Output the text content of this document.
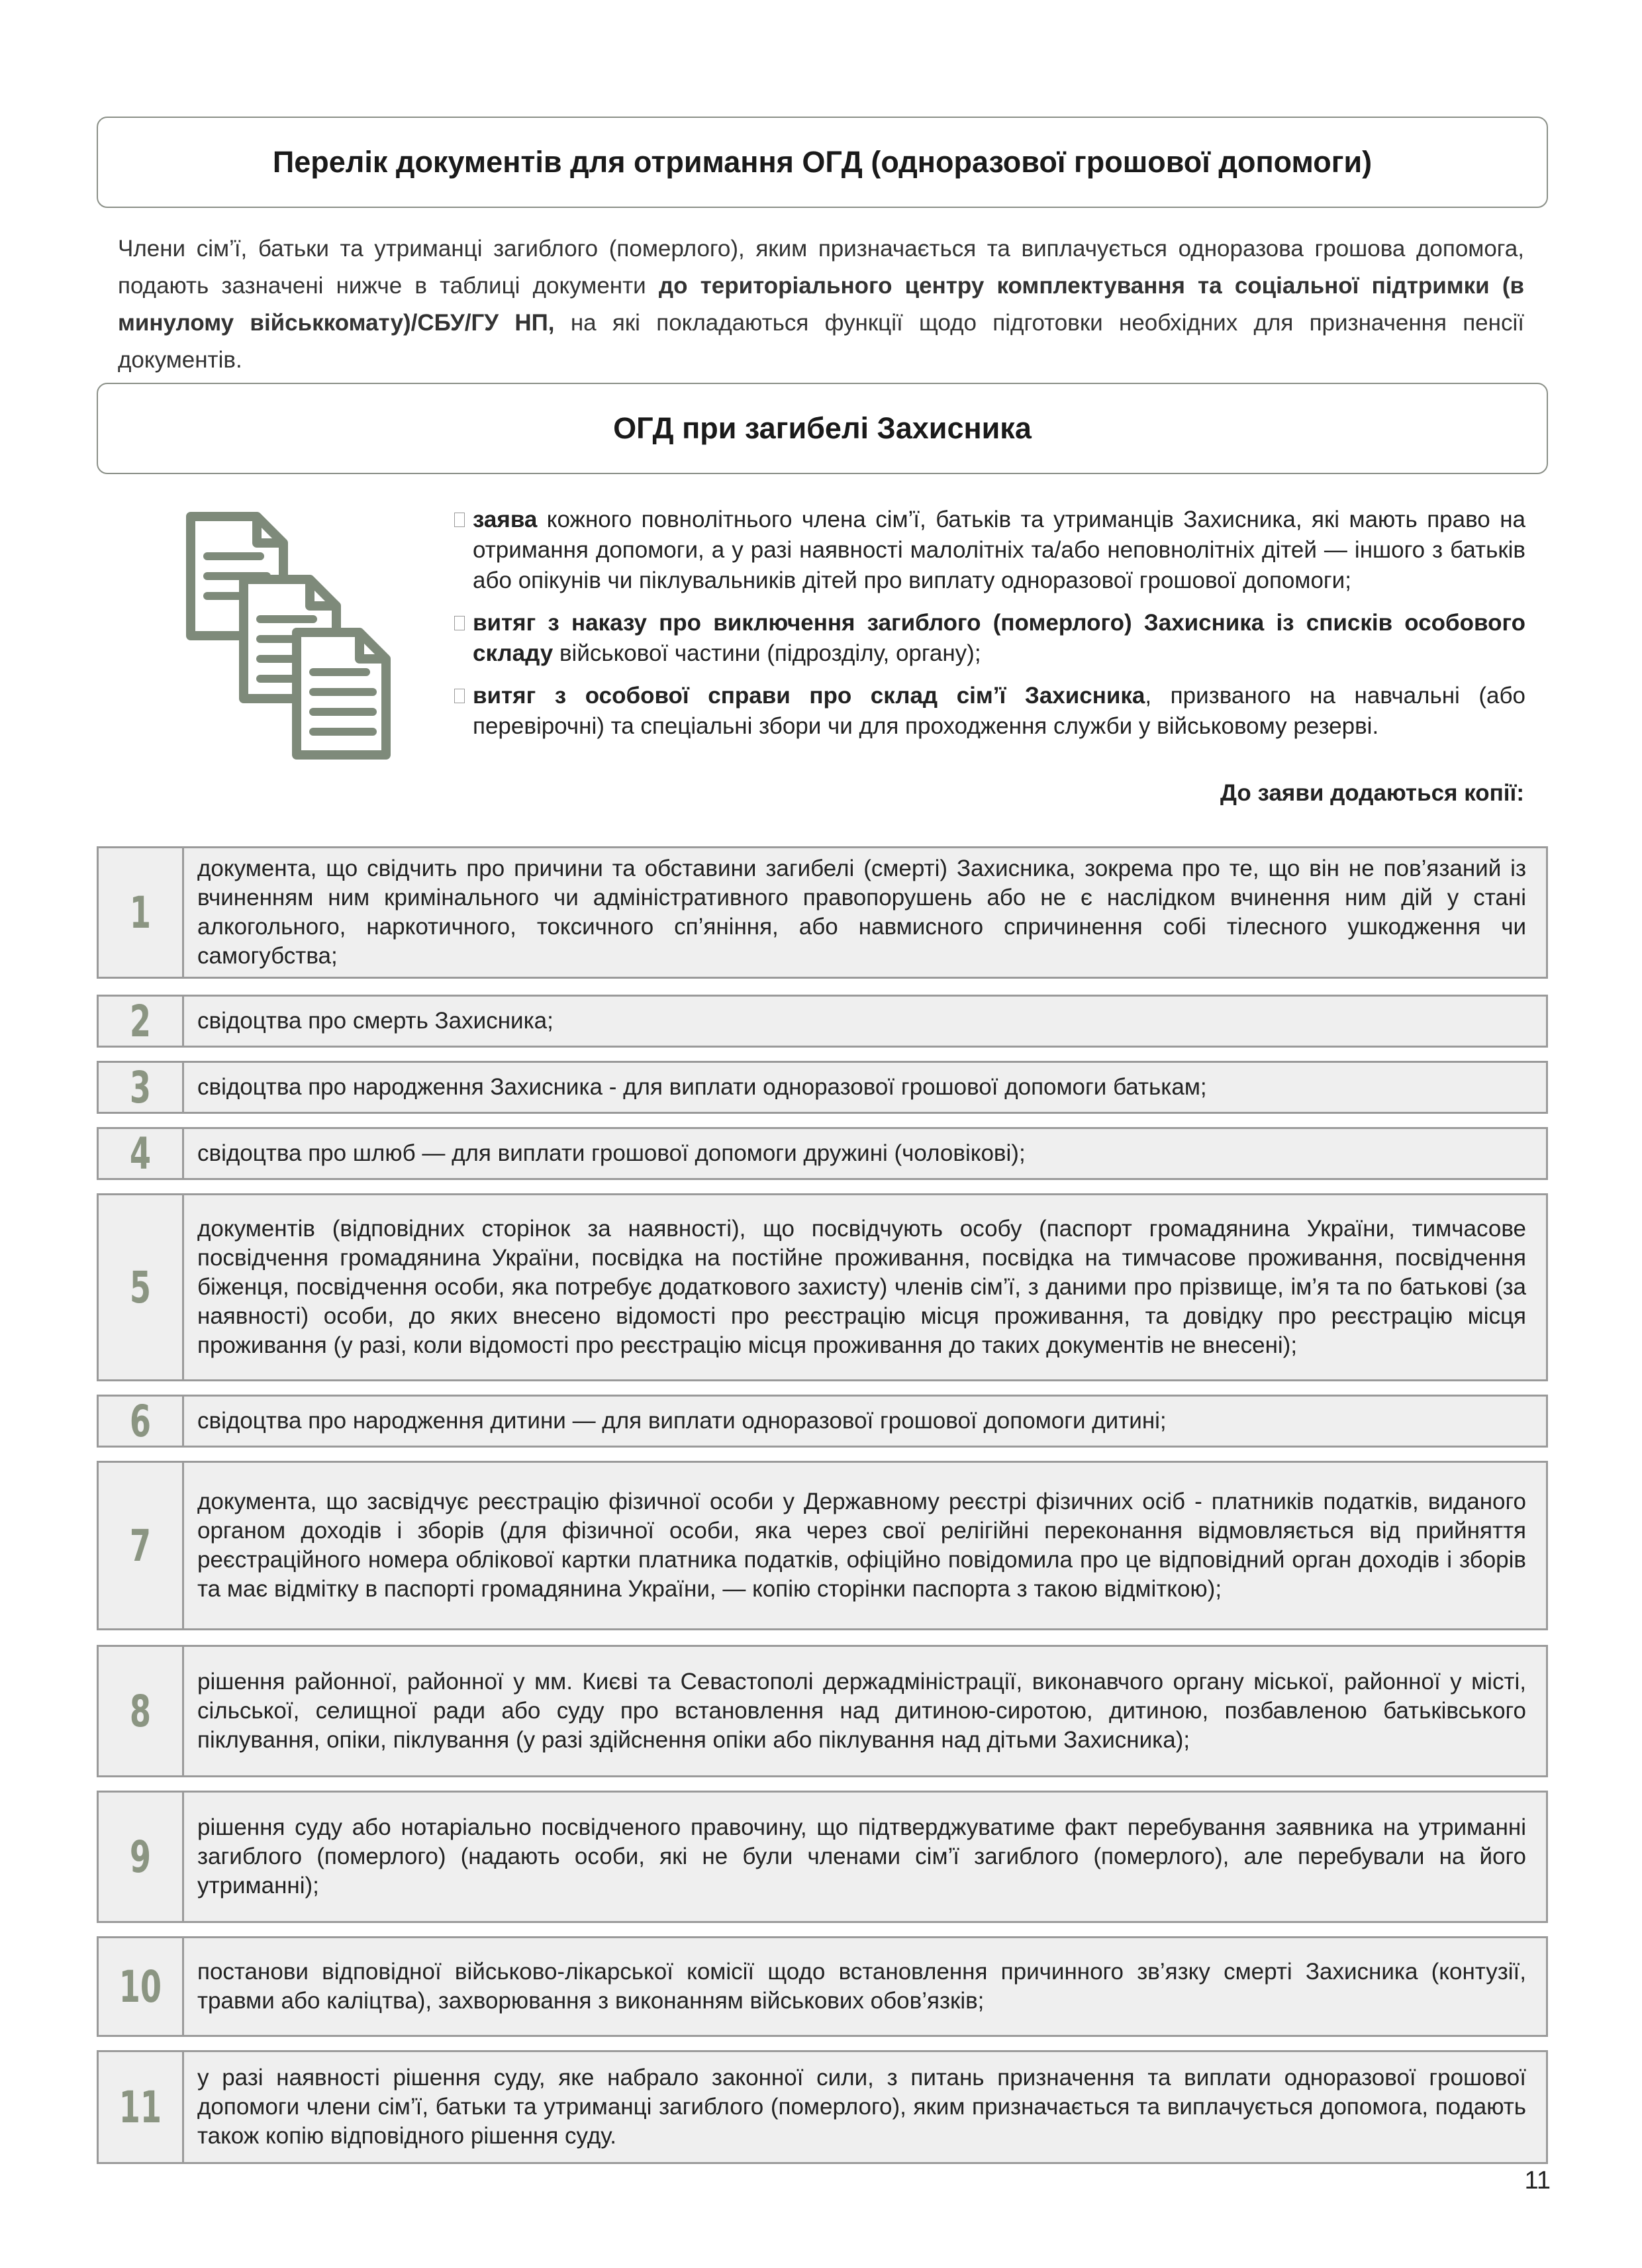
Перелік документів для отримання ОГД (одноразової грошової допомоги)
Члени сім’ї, батьки та утриманці загиблого (померлого), яким призначається та виплачується одноразова грошова допомога, подають зазначені нижче в таблиці документи до територіального центру комплектування та соціальної підтримки (в минулому військкомату)/СБУ/ГУ НП, на які покладаються функції щодо підготовки необхідних для призначення пенсії документів.
ОГД при загибелі Захисника
заява кожного повнолітнього члена сім’ї, батьків та утриманців Захисника, які мають право на отримання допомоги, а у разі наявності малолітніх та/або неповнолітніх дітей — іншого з батьків або опікунів чи піклувальників дітей про виплату одноразової грошової допомоги;
витяг з наказу про виключення загиблого (померлого) Захисника із списків особового складу військової частини (підрозділу, органу);
витяг з особової справи про склад сім’ї Захисника, призваного на навчальні (або перевірочні) та спеціальні збори чи для проходження служби у військовому резерві.
До заяви додаються копії:
1
документа, що свідчить про причини та обставини загибелі (смерті) Захисника, зокрема про те, що він не пов’язаний із вчиненням ним кримінального чи адміністративного правопорушень або не є наслідком вчинення ним дій у стані алкогольного, наркотичного, токсичного сп’яніння, або навмисного спричинення собі тілесного ушкодження чи самогубства;
2 свідоцтва про смерть Захисника;
3 свідоцтва про народження Захисника - для виплати одноразової грошової допомоги батькам;
4 свідоцтва про шлюб — для виплати грошової допомоги дружині (чоловікові);
5
документів (відповідних сторінок за наявності), що посвідчують особу (паспорт громадянина України, тимчасове посвідчення громадянина України, посвідка на постійне проживання, посвідка на тимчасове проживання, посвідчення біженця, посвідчення особи, яка потребує додаткового захисту) членів сім’ї, з даними про прізвище, ім’я та по батькові (за наявності) особи, до яких внесено відомості про реєстрацію місця проживання, та довідку про реєстрацію місця проживання (у разі, коли відомості про реєстрацію місця проживання до таких документів не внесені);
6 свідоцтва про народження дитини — для виплати одноразової грошової допомоги дитині;
7
документа, що засвідчує реєстрацію фізичної особи у Державному реєстрі фізичних осіб - платників податків, виданого органом доходів і зборів (для фізичної особи, яка через свої релігійні переконання відмовляється від прийняття реєстраційного номера облікової картки платника податків, офіційно повідомила про це відповідний орган доходів і зборів та має відмітку в паспорті громадянина України, — копію сторінки паспорта з такою відміткою);
8
рішення районної, районної у мм. Києві та Севастополі держадміністрації, виконавчого органу міської, районної у місті, сільської, селищної ради або суду про встановлення над дитиною-сиротою, дитиною, позбавленою батьківського піклування, опіки, піклування (у разі здійснення опіки або піклування над дітьми Захисника);
9
рішення суду або нотаріально посвідченого правочину, що підтверджуватиме факт перебування заявника на утриманні загиблого (померлого) (надають особи, які не були членами сім’ї загиблого (померлого), але перебували на його утриманні);
10 постанови відповідної військово-лікарської комісії щодо встановлення причинного зв’язку смерті Захисника (контузії, травми або каліцтва), захворювання з виконанням військових обов’язків;
11
у разі наявності рішення суду, яке набрало законної сили, з питань призначення та виплати одноразової грошової допомоги члени сім’ї, батьки та утриманці загиблого (померлого), яким призначається та виплачується допомога, подають також копію відповідного рішення суду.
11
